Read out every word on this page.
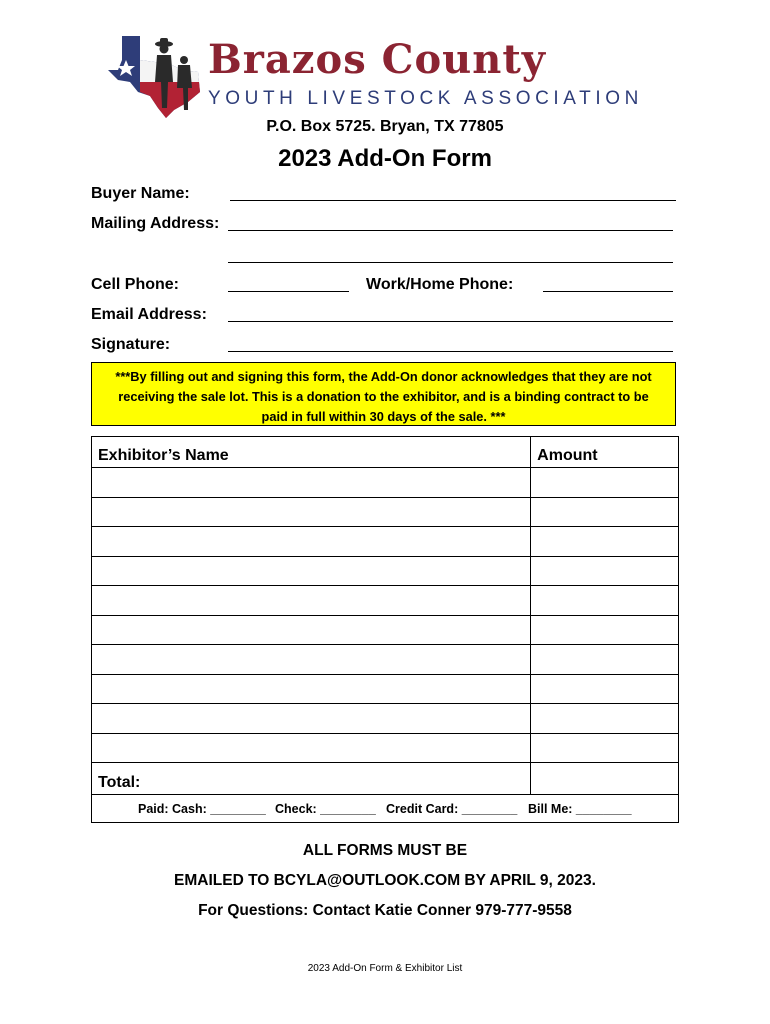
Brazos County
YOUTH LIVESTOCK ASSOCIATION
P.O. Box 5725. Bryan, TX 77805
2023 Add-On Form
Buyer Name:
Mailing Address:
Cell Phone:	Work/Home Phone:
Email Address:
Signature:
***By filling out and signing this form, the Add-On donor acknowledges that they are not
receiving the sale lot. This is a donation to the exhibitor, and is a binding contract to be
paid in full within 30 days of the sale. ***
Exhibitor’s Name	Amount

Total:	

Paid: Cash: ________ Check: ________ Credit Card: ________ Bill Me: ________	
ALL FORMS MUST BE
EMAILED TO BCYLA@OUTLOOK.COM BY APRIL 9, 2023.
For Questions: Contact Katie Conner 979-777-9558
2023 Add-On Form & Exhibitor List
